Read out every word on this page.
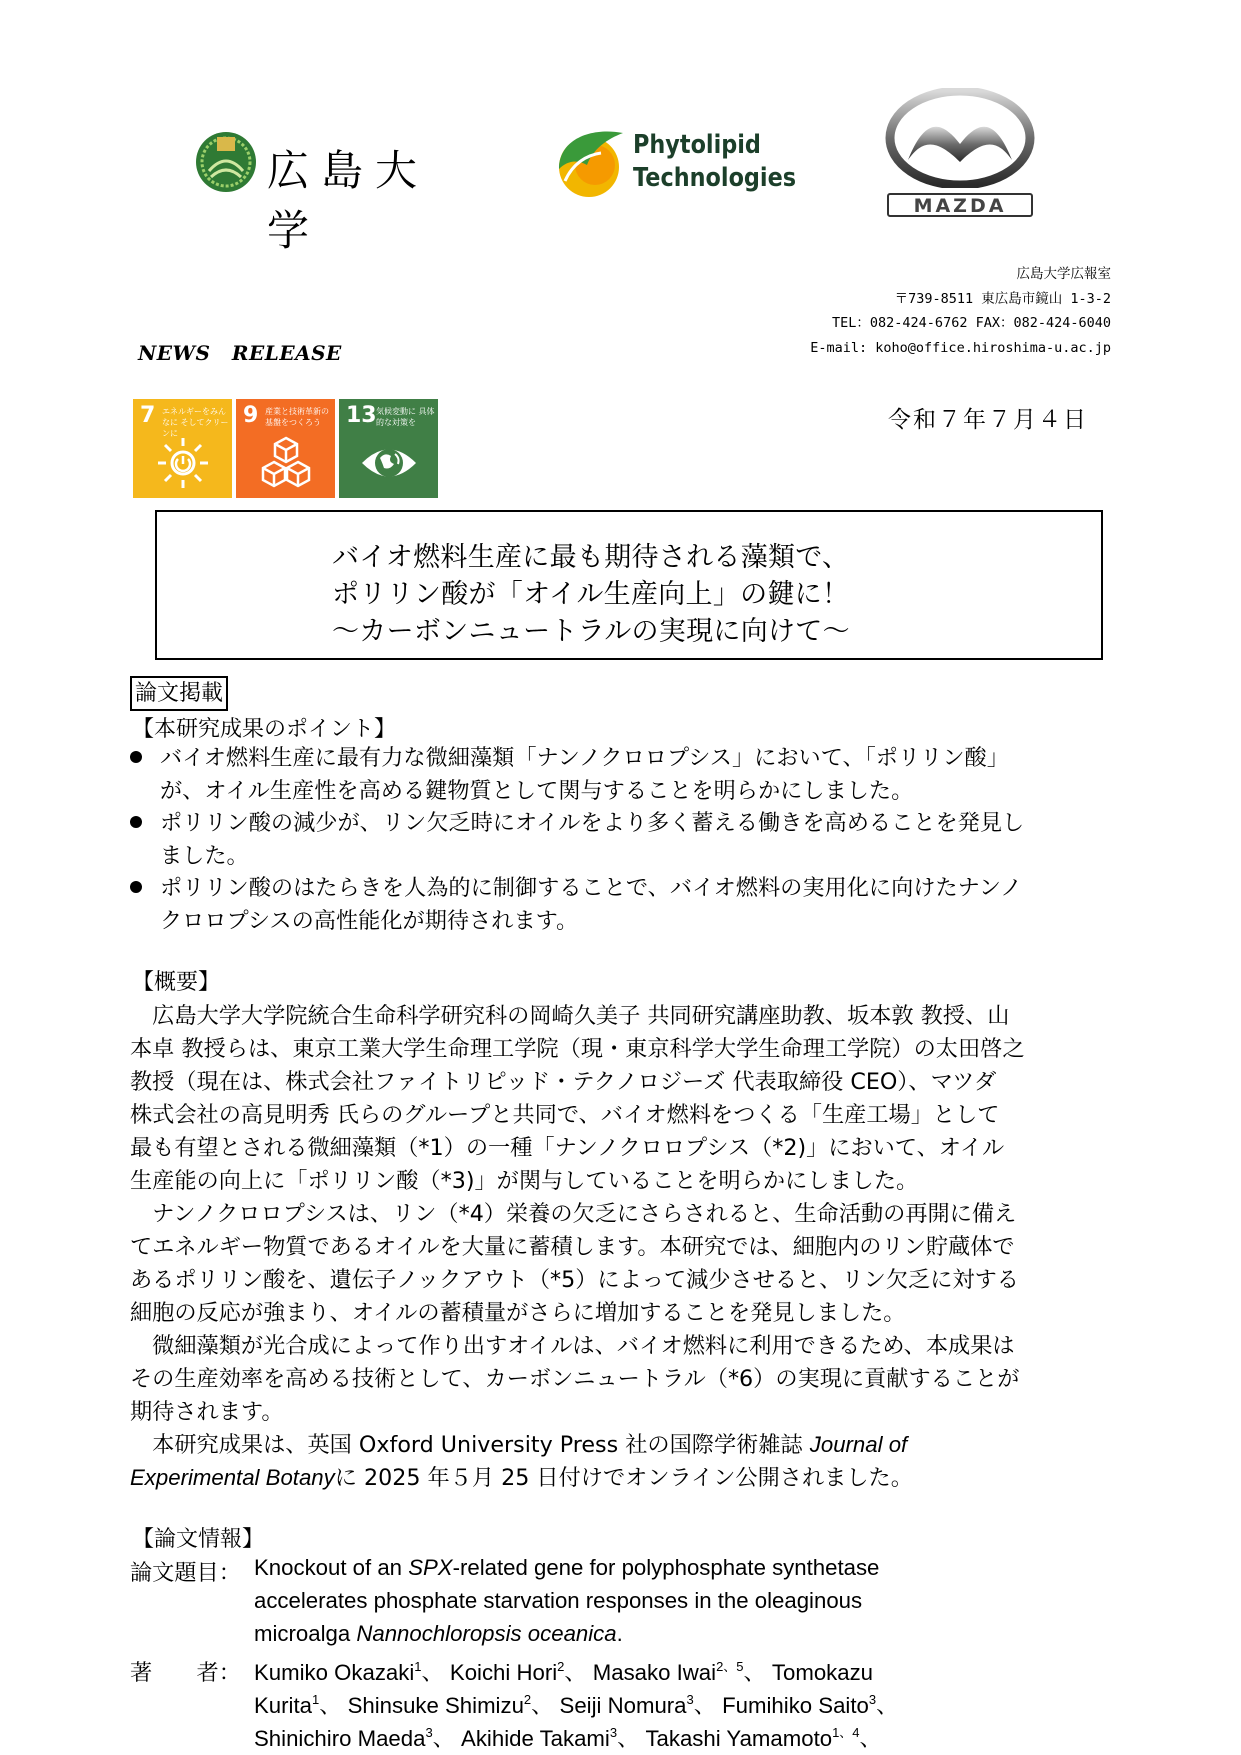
広島大学
Phytolipid
Technologies
MAZDA
広島大学広報室
〒739-8511 東広島市鏡山 1-3-2
TEL：082-424-6762 FAX：082-424-6040
E-mail: koho@office.hiroshima-u.ac.jp
NEWS RELEASE
7 エネルギーをみんなに そしてクリーンに
9 産業と技術革新の 基盤をつくろう	13 気候変動に 具体的な対策を	令和７年７月４日
バイオ燃料生産に最も期待される藻類で、
ポリリン酸が「オイル生産向上」の鍵に！
～カーボンニュートラルの実現に向けて～
論文掲載
【本研究成果のポイント】
バイオ燃料生産に最有力な微細藻類「ナンノクロロプシス」において、「ポリリン酸」
が、オイル生産性を高める鍵物質として関与することを明らかにしました。
ポリリン酸の減少が、リン欠乏時にオイルをより多く蓄える働きを高めることを発見し
ました。
ポリリン酸のはたらきを人為的に制御することで、バイオ燃料の実用化に向けたナンノ
クロロプシスの高性能化が期待されます。
【概要】
　広島大学大学院統合生命科学研究科の岡崎久美子 共同研究講座助教、坂本敦 教授、山
本卓 教授らは、東京工業大学生命理工学院（現・東京科学大学生命理工学院）の太田啓之
教授（現在は、株式会社ファイトリピッド・テクノロジーズ 代表取締役 CEO）、マツダ
株式会社の高見明秀 氏らのグループと共同で、バイオ燃料をつくる「生産工場」として
最も有望とされる微細藻類（*1）の一種「ナンノクロロプシス（*2)」において、オイル
生産能の向上に「ポリリン酸（*3)」が関与していることを明らかにしました。
　ナンノクロロプシスは、リン（*4）栄養の欠乏にさらされると、生命活動の再開に備え
てエネルギー物質であるオイルを大量に蓄積します。本研究では、細胞内のリン貯蔵体で
あるポリリン酸を、遺伝子ノックアウト（*5）によって減少させると、リン欠乏に対する
細胞の反応が強まり、オイルの蓄積量がさらに増加することを発見しました。
　微細藻類が光合成によって作り出すオイルは、バイオ燃料に利用できるため、本成果は
その生産効率を高める技術として、カーボンニュートラル（*6）の実現に貢献することが
期待されます。
　本研究成果は、英国 Oxford University Press 社の国際学術雑誌 Journal of
Experimental Botanyに 2025 年５月 25 日付けでオンライン公開されました。
【論文情報】
論文題目： Knockout of an SPX-related gene for polyphosphate synthetase
accelerates phosphate starvation responses in the oleaginous
microalga Nannochloropsis oceanica.
著　　者： Kumiko Okazaki$^1$、 Koichi Hori$^2$、 Masako Iwai$^{2、5}$、 Tomokazu
Kurita$^1$、 Shinsuke Shimizu$^2$、 Seiji Nomura$^3$、 Fumihiko Saito$^3$、
Shinichiro Maeda$^3$、 Akihide Takami$^3$、 Takashi Yamamoto$^{1、4}$、
